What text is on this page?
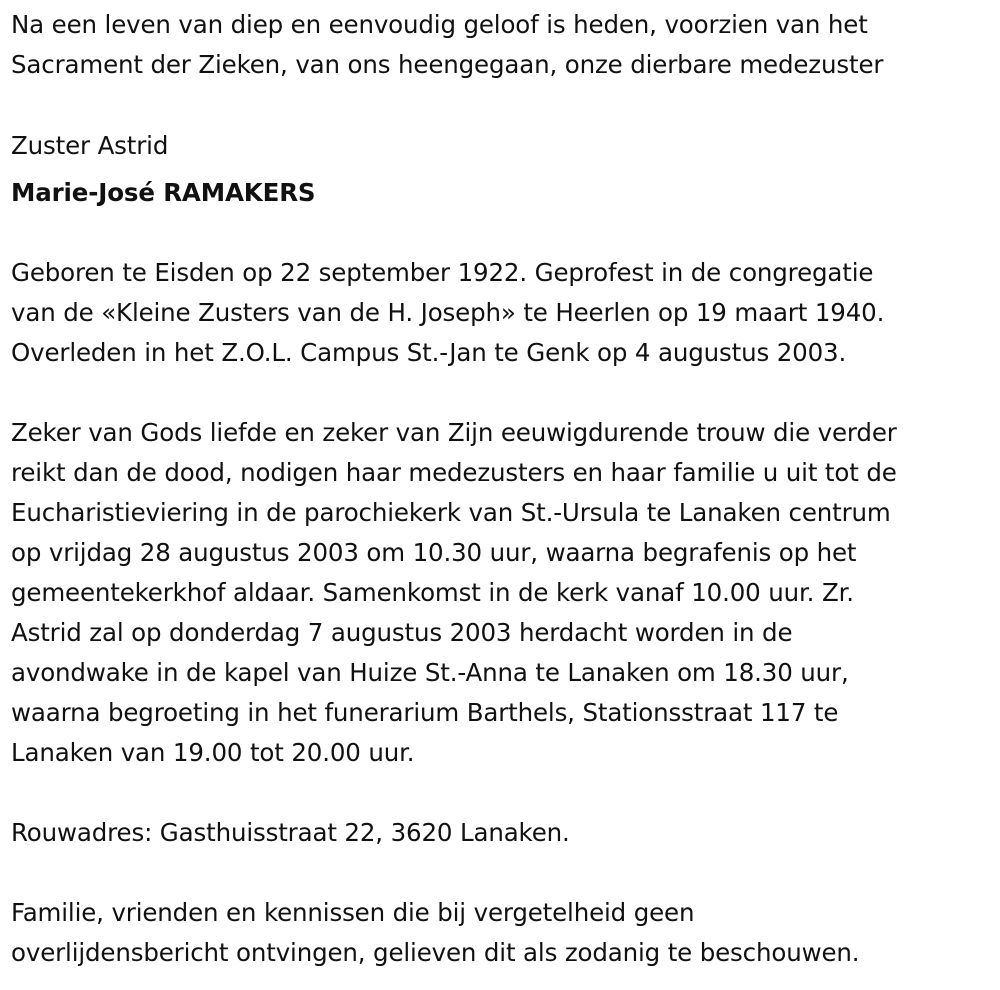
Na een leven van diep en eenvoudig geloof is heden, voorzien van het
Sacrament der Zieken, van ons heengegaan, onze dierbare medezuster
Zuster Astrid
Marie-José RAMAKERS
Geboren te Eisden op 22 september 1922. Geprofest in de congregatie
van de «Kleine Zusters van de H. Joseph» te Heerlen op 19 maart 1940.
Overleden in het Z.O.L. Campus St.-Jan te Genk op 4 augustus 2003.
Zeker van Gods liefde en zeker van Zijn eeuwigdurende trouw die verder
reikt dan de dood, nodigen haar medezusters en haar familie u uit tot de
Eucharistieviering in de parochiekerk van St.-Ursula te Lanaken centrum
op vrijdag 28 augustus 2003 om 10.30 uur, waarna begrafenis op het
gemeentekerkhof aldaar. Samenkomst in de kerk vanaf 10.00 uur. Zr.
Astrid zal op donderdag 7 augustus 2003 herdacht worden in de
avondwake in de kapel van Huize St.-Anna te Lanaken om 18.30 uur,
waarna begroeting in het funerarium Barthels, Stationsstraat 117 te
Lanaken van 19.00 tot 20.00 uur.
Rouwadres: Gasthuisstraat 22, 3620 Lanaken.
Familie, vrienden en kennissen die bij vergetelheid geen
overlijdensbericht ontvingen, gelieven dit als zodanig te beschouwen.
